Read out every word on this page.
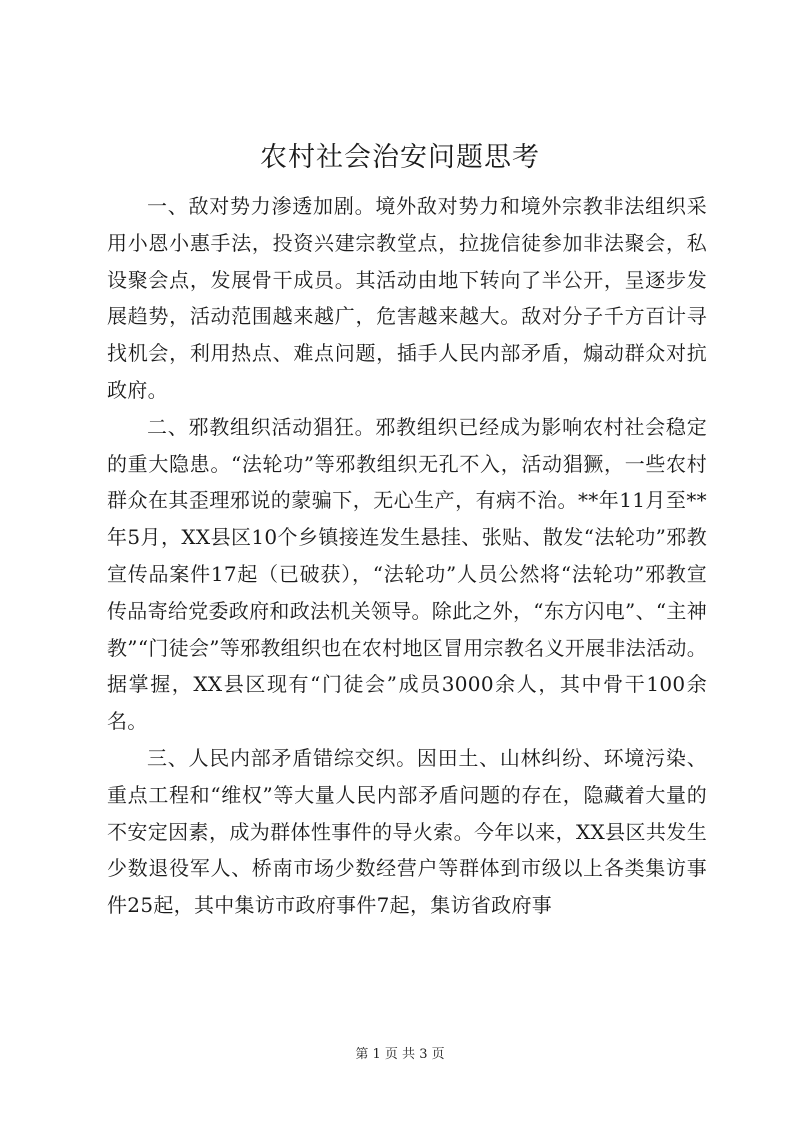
农村社会治安问题思考

一、敌对势力渗透加剧。境外敌对势力和境外宗教非法组织采用小恩小惠手法，投资兴建宗教堂点，拉拢信徒参加非法聚会，私设聚会点，发展骨干成员。其活动由地下转向了半公开，呈逐步发展趋势，活动范围越来越广，危害越来越大。敌对分子千方百计寻找机会，利用热点、难点问题，插手人民内部矛盾，煽动群众对抗政府。

二、邪教组织活动猖狂。邪教组织已经成为影响农村社会稳定的重大隐患。“法轮功”等邪教组织无孔不入，活动猖獗，一些农村群众在其歪理邪说的蒙骗下，无心生产，有病不治。**年11月至**年5月，XX县区10个乡镇接连发生悬挂、张贴、散发“法轮功”邪教宣传品案件17起（已破获），“法轮功”人员公然将“法轮功”邪教宣传品寄给党委政府和政法机关领导。除此之外，“东方闪电”、“主神教”“门徒会”等邪教组织也在农村地区冒用宗教名义开展非法活动。据掌握，XX县区现有“门徒会”成员3000余人，其中骨干100余名。

三、人民内部矛盾错综交织。因田土、山林纠纷、环境污染、重点工程和“维权”等大量人民内部矛盾问题的存在，隐藏着大量的不安定因素，成为群体性事件的导火索。今年以来，XX县区共发生少数退役军人、桥南市场少数经营户等群体到市级以上各类集访事件25起，其中集访市政府事件7起，集访省政府事

第 1 页 共 3 页
